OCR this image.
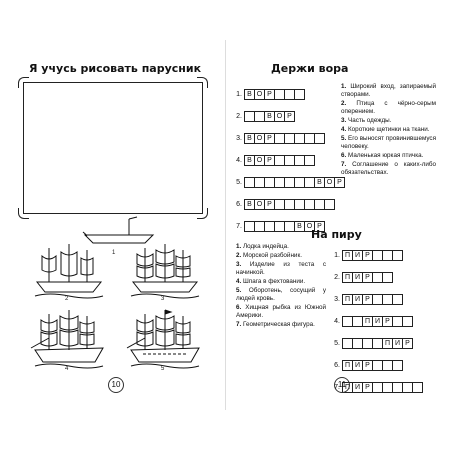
Я учусь рисовать парусник
1
2	3
4	5
10
Держи вора
1. В О Р
2.	В О Р
3. В О Р
4. В О Р
5.	В О Р
6. В О Р
7.	В О Р
1. Широкий вход, запираемый створами.
2. Птица с чёрно-серым оперением.
3. Часть одежды.
4. Короткие щетинки на ткани.
5. Его выносят провинившемуся человеку.
6. Маленькая юркая птичка.
7. Соглашение о каких-либо обязательствах.
На пиру
1. Лодка индейца.
2. Морской разбойник.
3. Изделие из теста с начинкой.
4. Шпага в фехтовании.
5. Оборотень, сосущий у людей кровь.
6. Хищная рыбка из Южной Америки.
7. Геометрическая фигура.
1. П И Р
2. П И Р
3. П И Р
4.	П И Р
5.	П И Р
6. П И Р
7. П И Р
11
